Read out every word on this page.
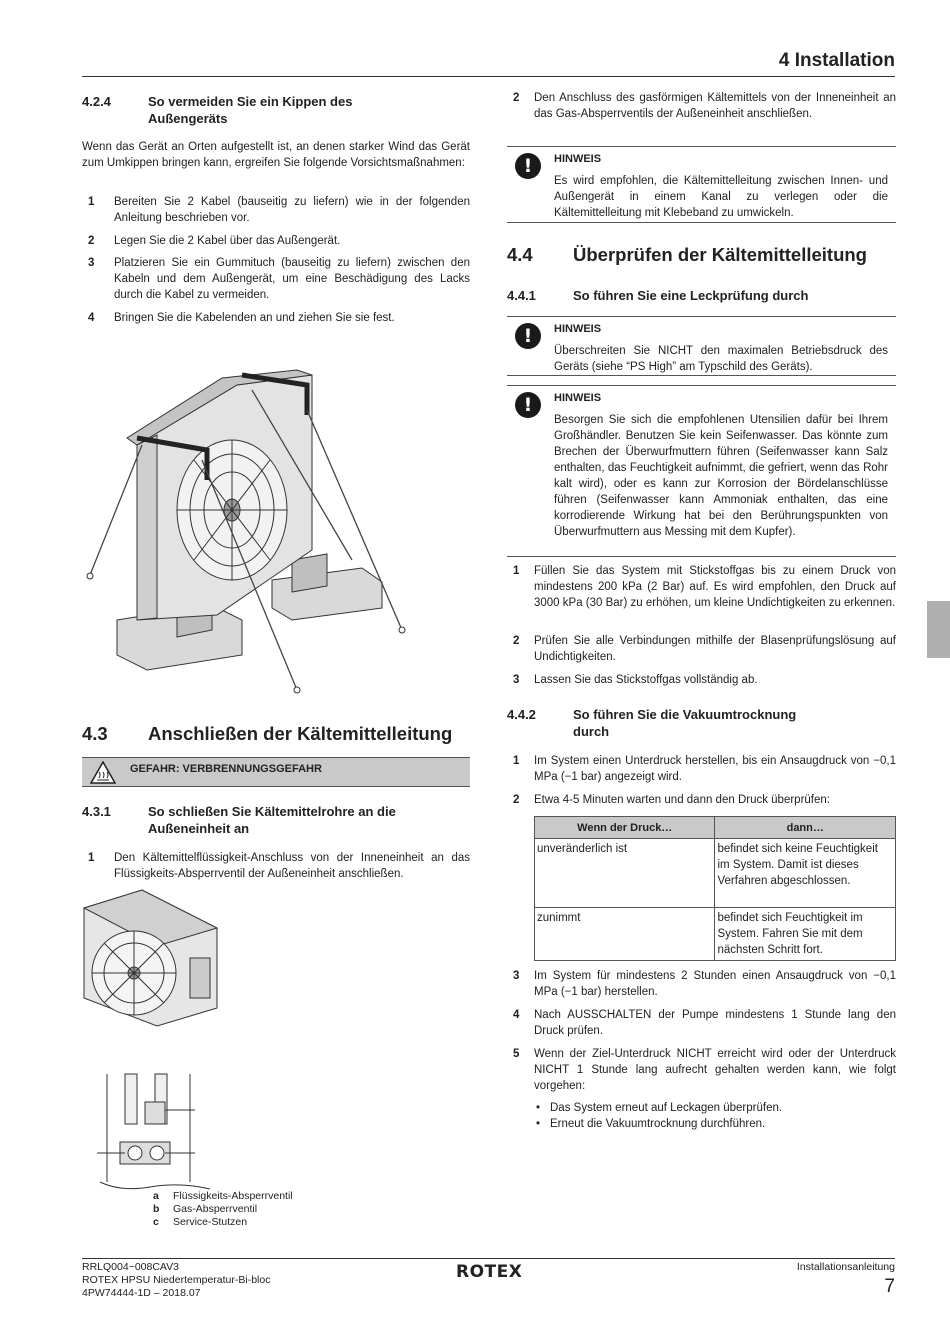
4 Installation
4.2.4	So vermeiden Sie ein Kippen des
Außengeräts
Wenn das Gerät an Orten aufgestellt ist, an denen starker Wind das Gerät zum Umkippen bringen kann, ergreifen Sie folgende Vorsichtsmaßnahmen:
1 Bereiten Sie 2 Kabel (bauseitig zu liefern) wie in der folgenden Anleitung beschrieben vor.
2 Legen Sie die 2 Kabel über das Außengerät.
3 Platzieren Sie ein Gummituch (bauseitig zu liefern) zwischen den Kabeln und dem Außengerät, um eine Beschädigung des Lacks durch die Kabel zu vermeiden.
4 Bringen Sie die Kabelenden an und ziehen Sie sie fest.
4.3 Anschließen der Kältemittelleitung
GEFAHR: VERBRENNUNGSGEFAHR
4.3.1	So schließen Sie Kältemittelrohre an die
Außeneinheit an
1 Den Kältemittelflüssigkeit-Anschluss von der Inneneinheit an das Flüssigkeits-Absperrventil der Außeneinheit anschließen.
a Flüssigkeits-Absperrventil
b Gas-Absperrventil
c Service-Stutzen
2 Den Anschluss des gasförmigen Kältemittels von der Inneneinheit an das Gas-Absperrventils der Außeneinheit anschließen.
!	HINWEIS
Es wird empfohlen, die Kältemittelleitung zwischen Innen- und Außengerät in einem Kanal zu verlegen oder die Kältemittelleitung mit Klebeband zu umwickeln.
4.4 Überprüfen der Kältemittelleitung
4.4.1	So führen Sie eine Leckprüfung durch
!	HINWEIS
Überschreiten Sie NICHT den maximalen Betriebsdruck des Geräts (siehe “PS High” am Typschild des Geräts).
!	HINWEIS
Besorgen Sie sich die empfohlenen Utensilien dafür bei Ihrem Großhändler. Benutzen Sie kein Seifenwasser. Das könnte zum Brechen der Überwurfmuttern führen (Seifenwasser kann Salz enthalten, das Feuchtigkeit aufnimmt, die gefriert, wenn das Rohr kalt wird), oder es kann zur Korrosion der Bördelanschlüsse führen (Seifenwasser kann Ammoniak enthalten, das eine korrodierende Wirkung hat bei den Berührungspunkten von Überwurfmuttern aus Messing mit dem Kupfer).
1 Füllen Sie das System mit Stickstoffgas bis zu einem Druck von mindestens 200 kPa (2 Bar) auf. Es wird empfohlen, den Druck auf 3000 kPa (30 Bar) zu erhöhen, um kleine Undichtigkeiten zu erkennen.
2 Prüfen Sie alle Verbindungen mithilfe der Blasenprüfungslösung auf Undichtigkeiten.
3 Lassen Sie das Stickstoffgas vollständig ab.
4.4.2	So führen Sie die Vakuumtrocknung
durch
1 Im System einen Unterdruck herstellen, bis ein Ansaugdruck von −0,1 MPa (−1 bar) angezeigt wird.
2 Etwa 4-5 Minuten warten und dann den Druck überprüfen:
Wenn der Druck…	dann…
unveränderlich ist	befindet sich keine Feuchtigkeit im System. Damit ist dieses Verfahren abgeschlossen.
zunimmt	befindet sich Feuchtigkeit im System. Fahren Sie mit dem nächsten Schritt fort.
3 Im System für mindestens 2 Stunden einen Ansaugdruck von −0,1 MPa (−1 bar) herstellen.
4 Nach AUSSCHALTEN der Pumpe mindestens 1 Stunde lang den Druck prüfen.
5 Wenn der Ziel-Unterdruck NICHT erreicht wird oder der Unterdruck NICHT 1 Stunde lang aufrecht gehalten werden kann, wie folgt vorgehen:
• Das System erneut auf Leckagen überprüfen.
• Erneut die Vakuumtrocknung durchführen.
RRLQ004~008CAV3
ROTEX HPSU Niedertemperatur-Bi-bloc
4PW74444-1D – 2018.07
ROTEX	Installationsanleitung
7
